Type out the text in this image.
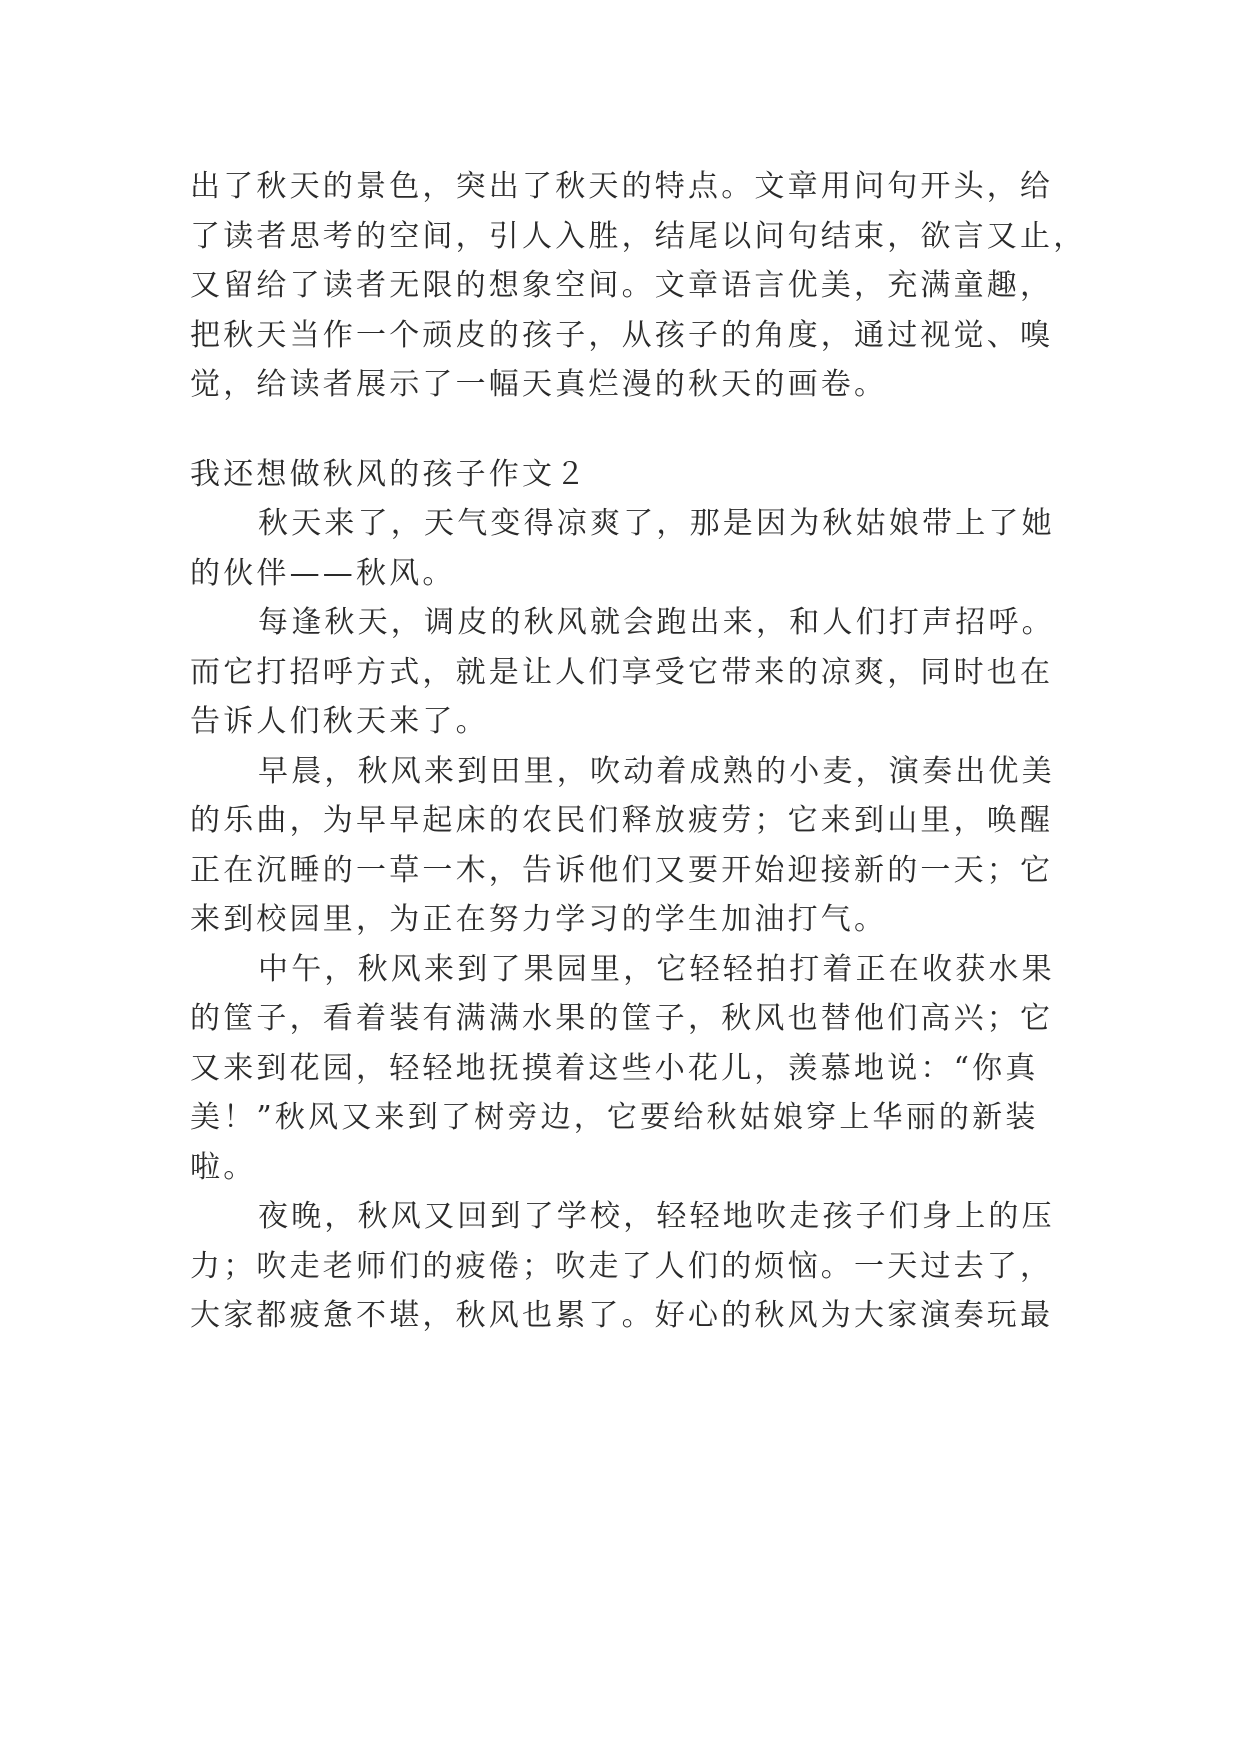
出了秋天的景色，突出了秋天的特点。文章用问句开头，给
了读者思考的空间，引人入胜，结尾以问句结束，欲言又止，
又留给了读者无限的想象空间。文章语言优美，充满童趣，
把秋天当作一个顽皮的孩子，从孩子的角度，通过视觉、嗅
觉，给读者展示了一幅天真烂漫的秋天的画卷。
我还想做秋风的孩子作文２
秋天来了，天气变得凉爽了，那是因为秋姑娘带上了她
的伙伴——秋风。
每逢秋天，调皮的秋风就会跑出来，和人们打声招呼。
而它打招呼方式，就是让人们享受它带来的凉爽，同时也在
告诉人们秋天来了。
早晨，秋风来到田里，吹动着成熟的小麦，演奏出优美
的乐曲，为早早起床的农民们释放疲劳；它来到山里，唤醒
正在沉睡的一草一木，告诉他们又要开始迎接新的一天；它
来到校园里，为正在努力学习的学生加油打气。
中午，秋风来到了果园里，它轻轻拍打着正在收获水果
的筐子，看着装有满满水果的筐子，秋风也替他们高兴；它
又来到花园，轻轻地抚摸着这些小花儿，羡慕地说：“你真
美！”秋风又来到了树旁边，它要给秋姑娘穿上华丽的新装
啦。
夜晚，秋风又回到了学校，轻轻地吹走孩子们身上的压
力；吹走老师们的疲倦；吹走了人们的烦恼。一天过去了，
大家都疲惫不堪，秋风也累了。好心的秋风为大家演奏玩最
